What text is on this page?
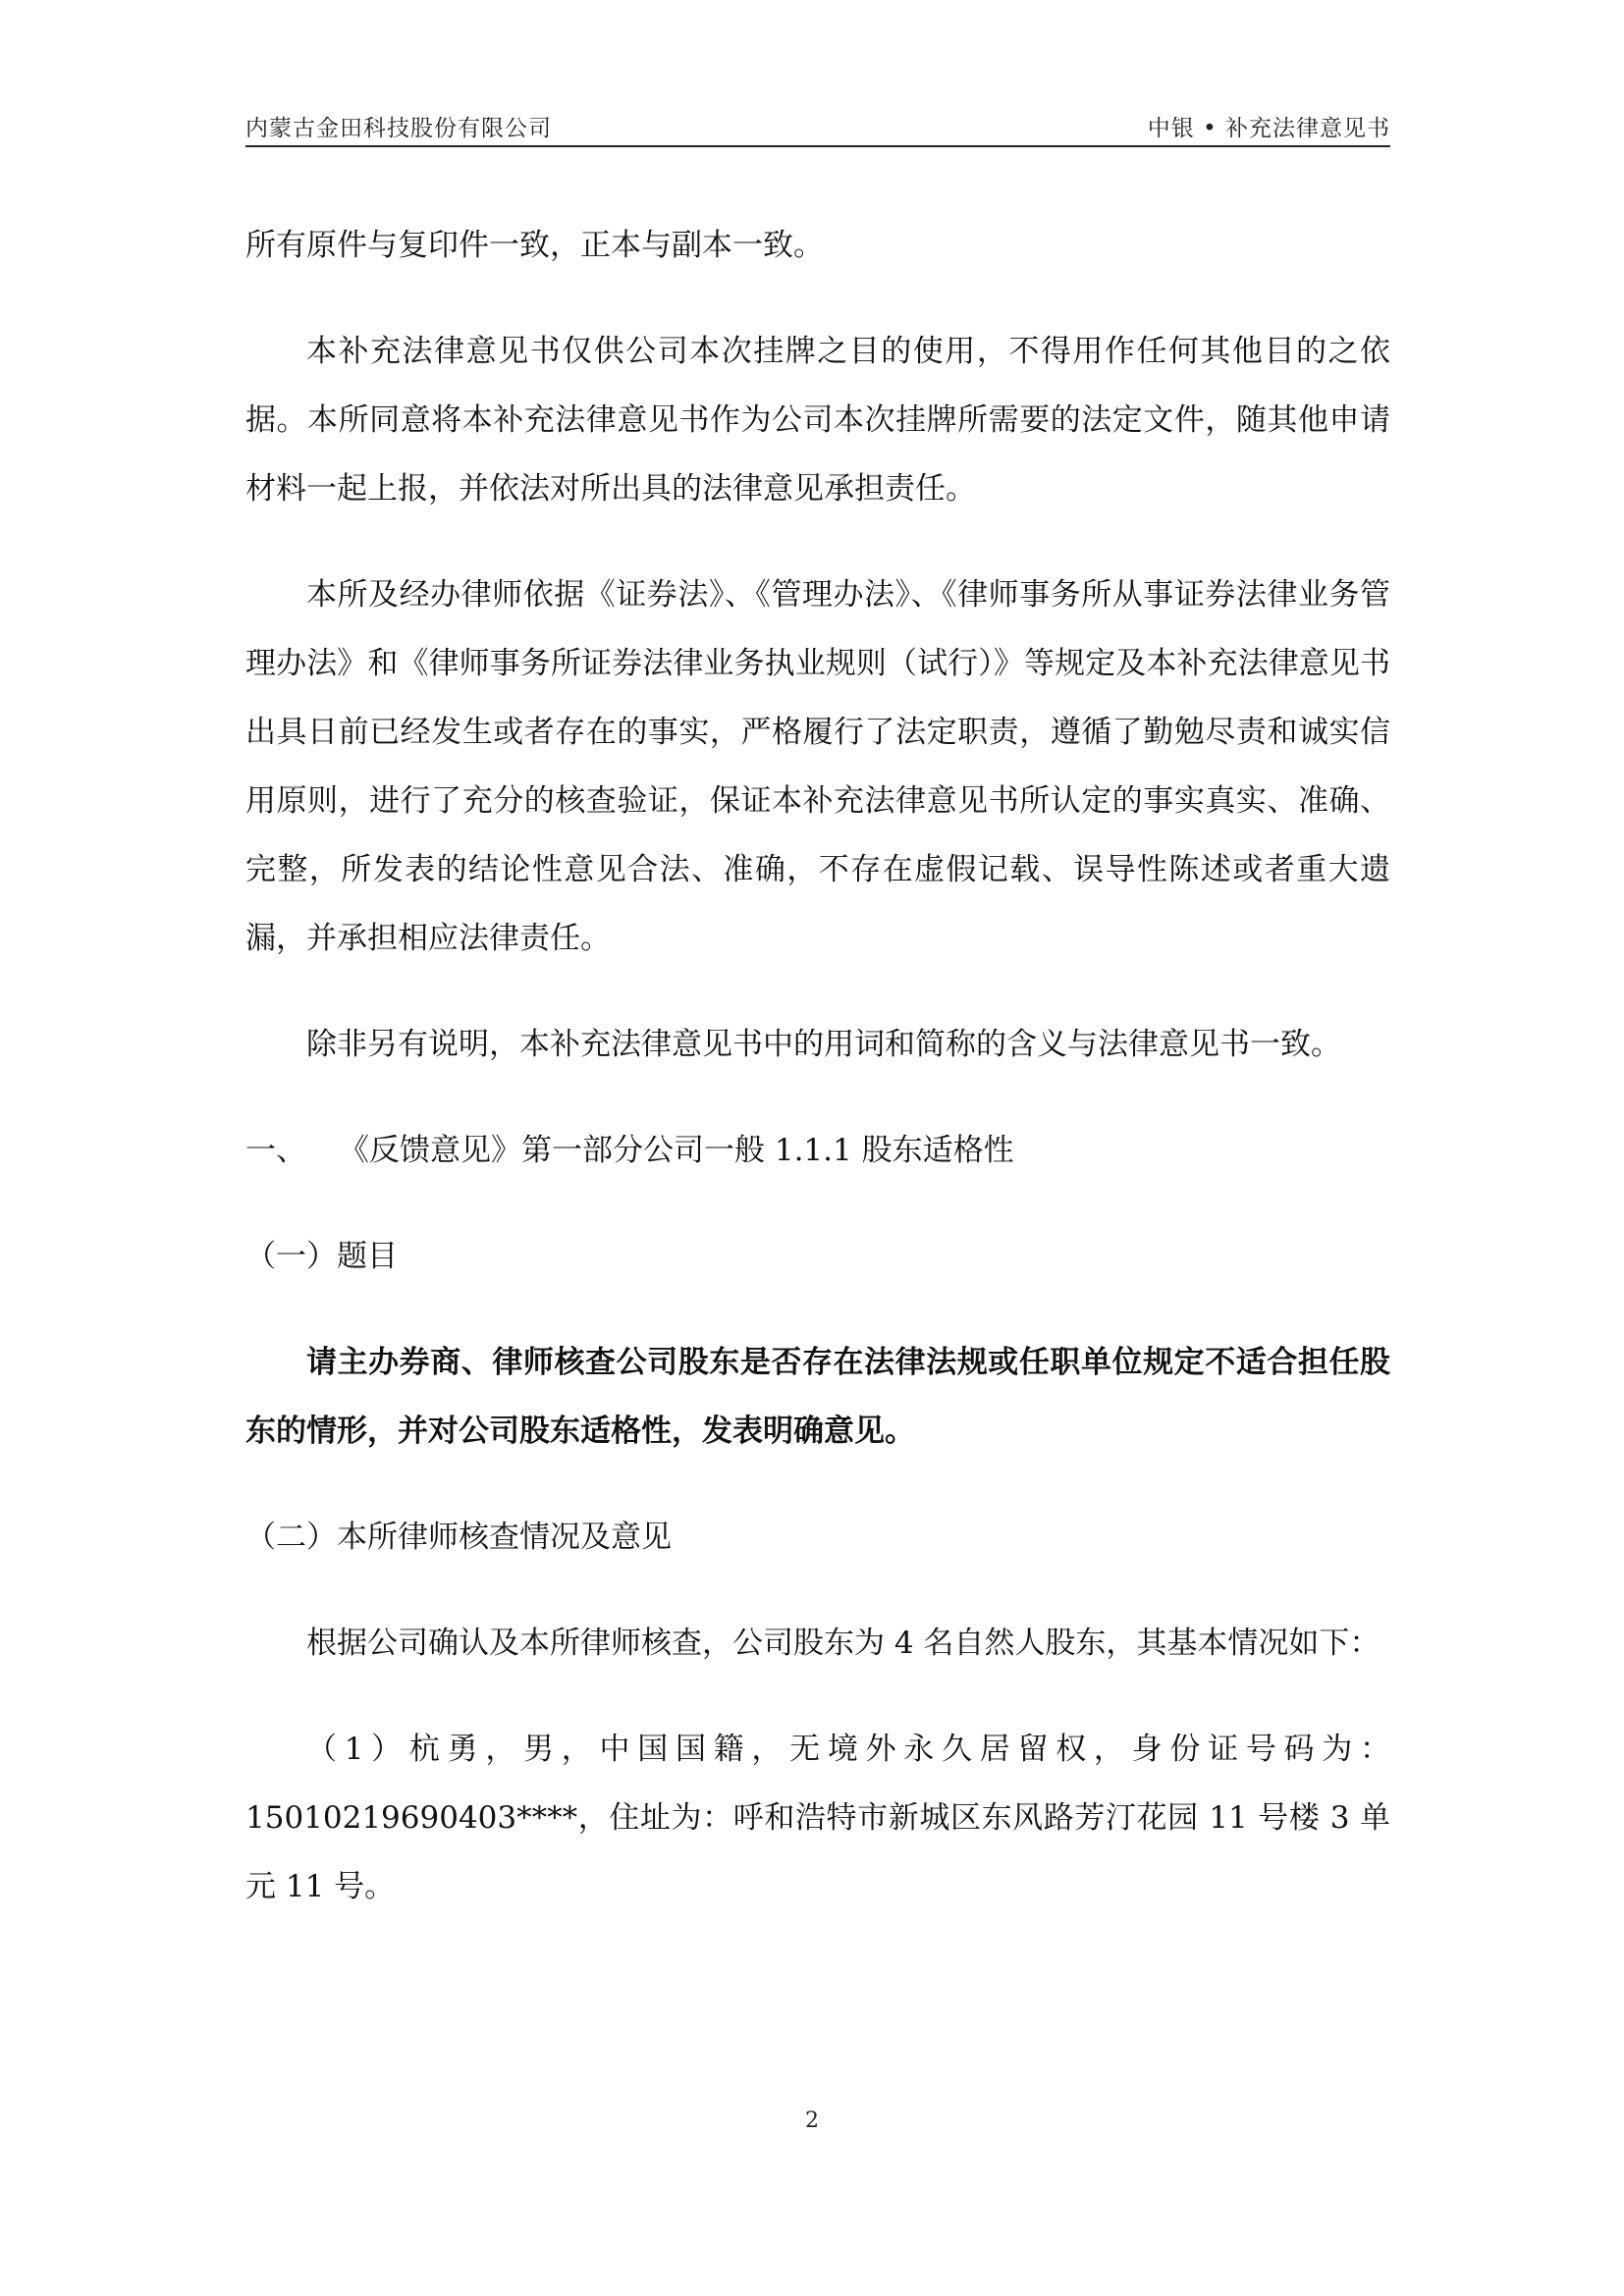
内蒙古金田科技股份有限公司	中银 • 补充法律意见书

所有原件与复印件一致，正本与副本一致。

本补充法律意见书仅供公司本次挂牌之目的使用，不得用作任何其他目的之依据。本所同意将本补充法律意见书作为公司本次挂牌所需要的法定文件，随其他申请材料一起上报，并依法对所出具的法律意见承担责任。

本所及经办律师依据《证券法》、《管理办法》、《律师事务所从事证券法律业务管理办法》和《律师事务所证券法律业务执业规则（试行）》等规定及本补充法律意见书出具日前已经发生或者存在的事实，严格履行了法定职责，遵循了勤勉尽责和诚实信用原则，进行了充分的核查验证，保证本补充法律意见书所认定的事实真实、准确、完整，所发表的结论性意见合法、准确，不存在虚假记载、误导性陈述或者重大遗漏，并承担相应法律责任。

除非另有说明，本补充法律意见书中的用词和简称的含义与法律意见书一致。

一、 《反馈意见》第一部分公司一般 1.1.1 股东适格性

（一）题目

请主办券商、律师核查公司股东是否存在法律法规或任职单位规定不适合担任股东的情形，并对公司股东适格性，发表明确意见。

（二）本所律师核查情况及意见

根据公司确认及本所律师核查，公司股东为 4 名自然人股东，其基本情况如下：

（1）杭勇，男，中国国籍，无境外永久居留权，身份证号码为：15010219690403****，住址为：呼和浩特市新城区东风路芳汀花园 11 号楼 3 单元 11 号。

2
